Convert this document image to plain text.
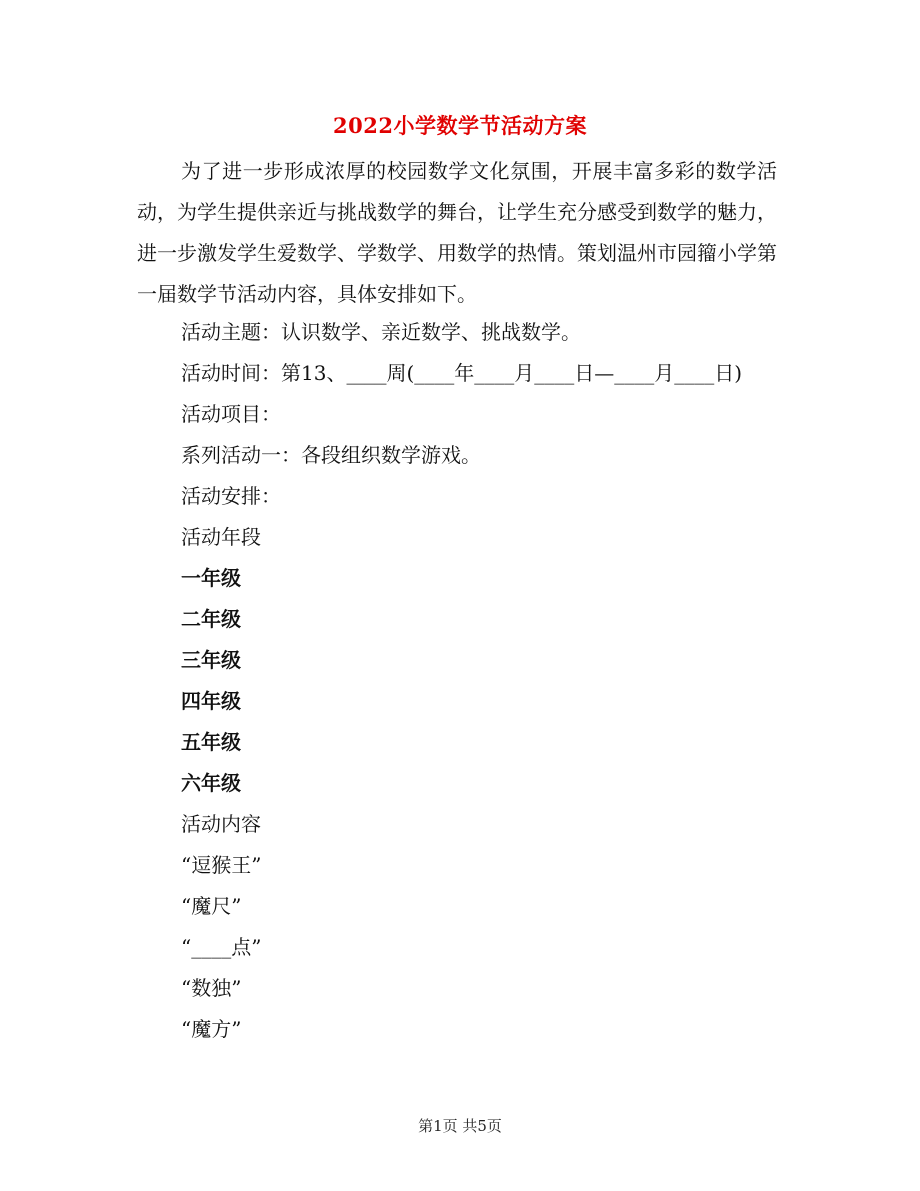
2022小学数学节活动方案
为了进一步形成浓厚的校园数学文化氛围，开展丰富多彩的数学活动，为学生提供亲近与挑战数学的舞台，让学生充分感受到数学的魅力，进一步激发学生爱数学、学数学、用数学的热情。策划温州市园籀小学第一届数学节活动内容，具体安排如下。
活动主题：认识数学、亲近数学、挑战数学。
活动时间：第13、____周(____年____月____日—____月____日)
活动项目：
系列活动一：各段组织数学游戏。
活动安排：
活动年段
一年级
二年级
三年级
四年级
五年级
六年级
活动内容
“逗猴王”
“魔尺”
“____点”
“数独”
“魔方”
第1页 共5页
